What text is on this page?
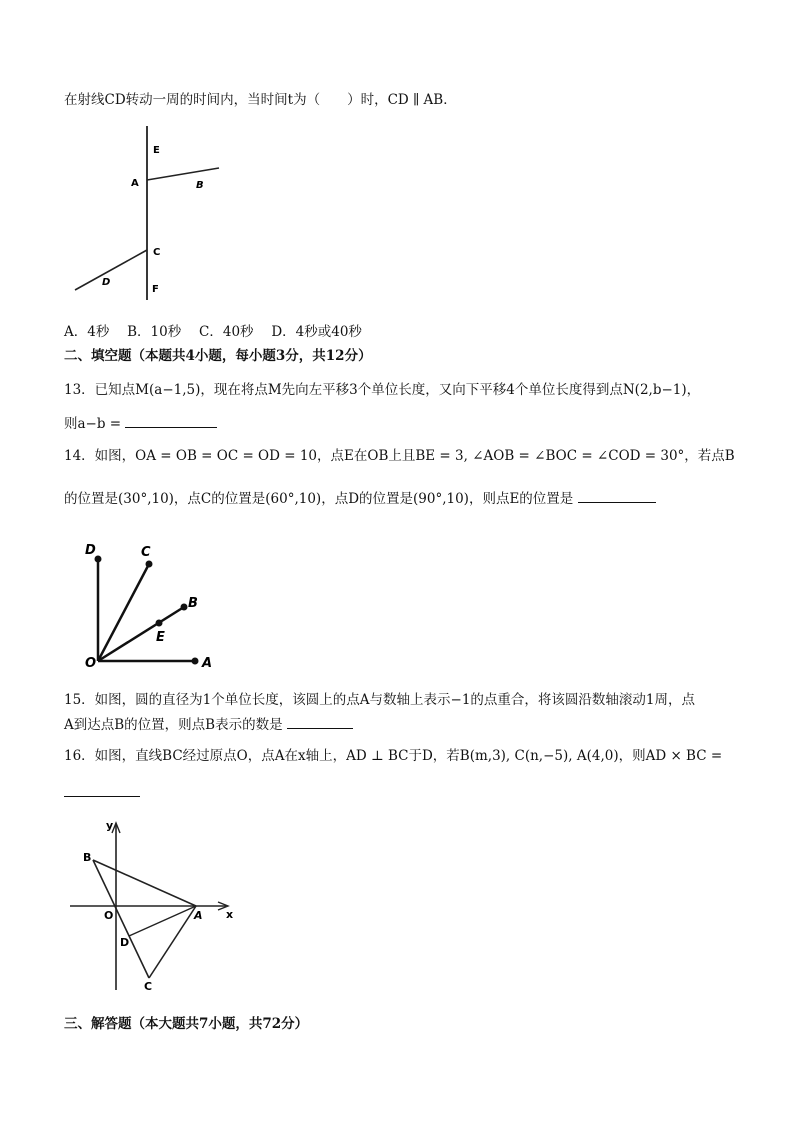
在射线CD转动一周的时间内，当时间t为（　　）时，CD ∥ AB．
E
A	B
C
D
F
A．4秒　 B．10秒　 C．40秒　 D．4秒或40秒
二、填空题（本题共4小题，每小题3分，共12分）
13．已知点M(a−1,5)，现在将点M先向左平移3个单位长度，又向下平移4个单位长度得到点N(2,b−1)，
则a−b =
14．如图，OA = OB = OC = OD = 10，点E在OB上且BE = 3, ∠AOB = ∠BOC = ∠COD = 30°，若点B
的位置是(30°,10)，点C的位置是(60°,10)，点D的位置是(90°,10)，则点E的位置是
D	C
B
E
O	A
15．如图，圆的直径为1个单位长度，该圆上的点A与数轴上表示−1的点重合，将该圆沿数轴滚动1周，点
A到达点B的位置，则点B表示的数是
16．如图，直线BC经过原点O，点A在x轴上，AD ⊥ BC于D，若B(m,3), C(n,−5), A(4,0)，则AD × BC =
y
x
B
O	A
D
C
三、解答题（本大题共7小题，共72分）
